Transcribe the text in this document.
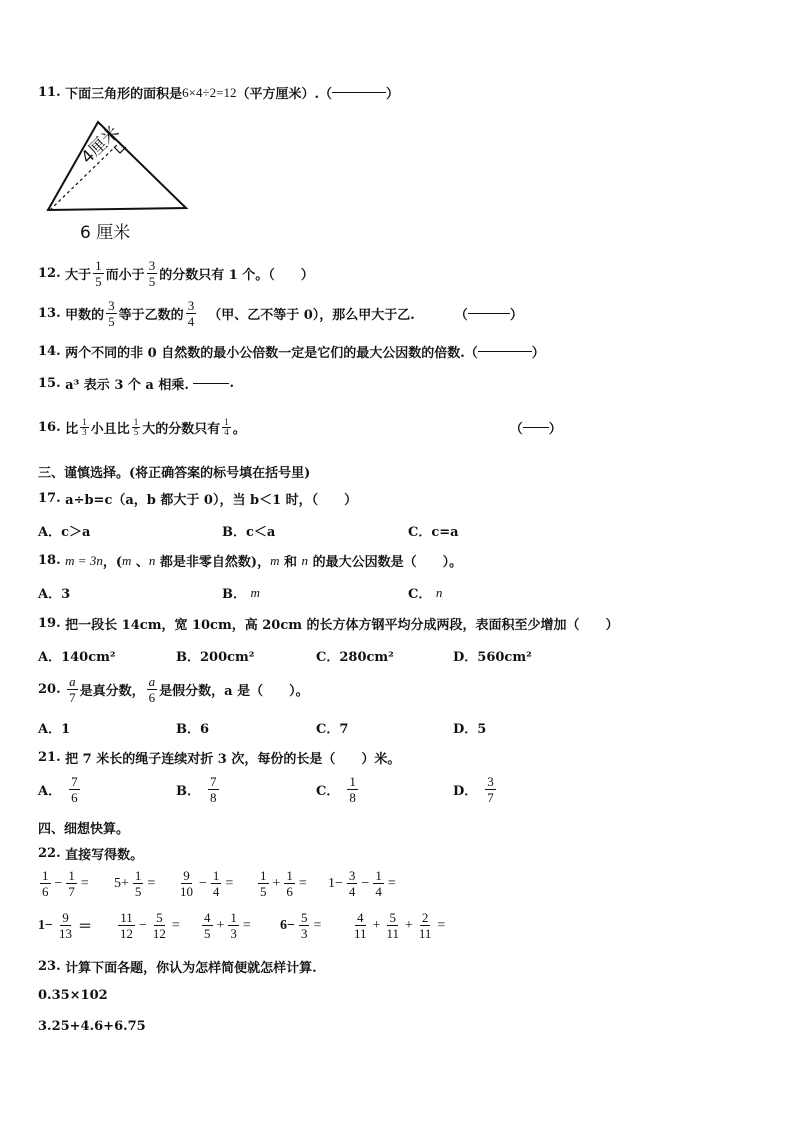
11.
下面三角形的面积是 6×4÷2=12 （平方厘米）.（	）
4厘米
6 厘米
12.
大于 $\frac{1}{5}$ 而小于 $\frac{3}{5}$ 的分数只有 1 个。（　　）
13.
甲数的 $\frac{3}{5}$ 等于乙数的 $\frac{3}{4}$ （甲、乙不等于 0），那么甲大于乙.	（	）
14.
两个不同的非 0 自然数的最小公倍数一定是它们的最大公因数的倍数.（	）
15.
a³ 表示 3 个 a 相乘.
	.
16.
比 $\frac{1}{3}$ 小且比 $\frac{1}{5}$ 大的分数只有 $\frac{1}{4}$ 。	（ ）
三、谨慎选择。(将正确答案的标号填在括号里)
17.
a÷b=c（a，b 都大于 0），当 b＜1 时，（　　）
A．c＞a	B．c＜a	C．c=a
18.
m = 3n ，( m 、 n 都是非零自然数)， m 和 n 的最大公因数是（　　）。
A．3	B．
m	C．
n
19.
把一段长 14cm，宽 10cm，高 20cm 的长方体方钢平均分成两段，表面积至少增加（　　）
A．140cm²	B．200cm²	C．280cm²	D．560cm²
20.
$\frac{a}{7}$ 是真分数， $\frac{a}{6}$ 是假分数，a 是（　　）。
A．1	B．6	C．7	D．5
21.
把 7 米长的绳子连续对折 3 次，每份的长是（　　）米。
A． $\frac{7}{6}$	B． $\frac{7}{8}$	C． $\frac{1}{8}$	D． $\frac{3}{7}$
四、细想快算。
22.
直接写得数。
$\frac{1}{6} - \frac{1}{7} = 5+ \frac{1}{5} = \frac{9}{10} - \frac{1}{4} = \frac{1}{5} + \frac{1}{6} = 1- \frac{3}{4} - \frac{1}{4}$ =
$1- \frac{9}{13} = \frac{11}{12} - \frac{5}{12} = \frac{4}{5} + \frac{1}{3} = 6- \frac{5}{3} = \frac{4}{11} + \frac{5}{11} + \frac{2}{11}$ =
23.
计算下面各题，你认为怎样简便就怎样计算.
0.35×102
3.25+4.6+6.75
